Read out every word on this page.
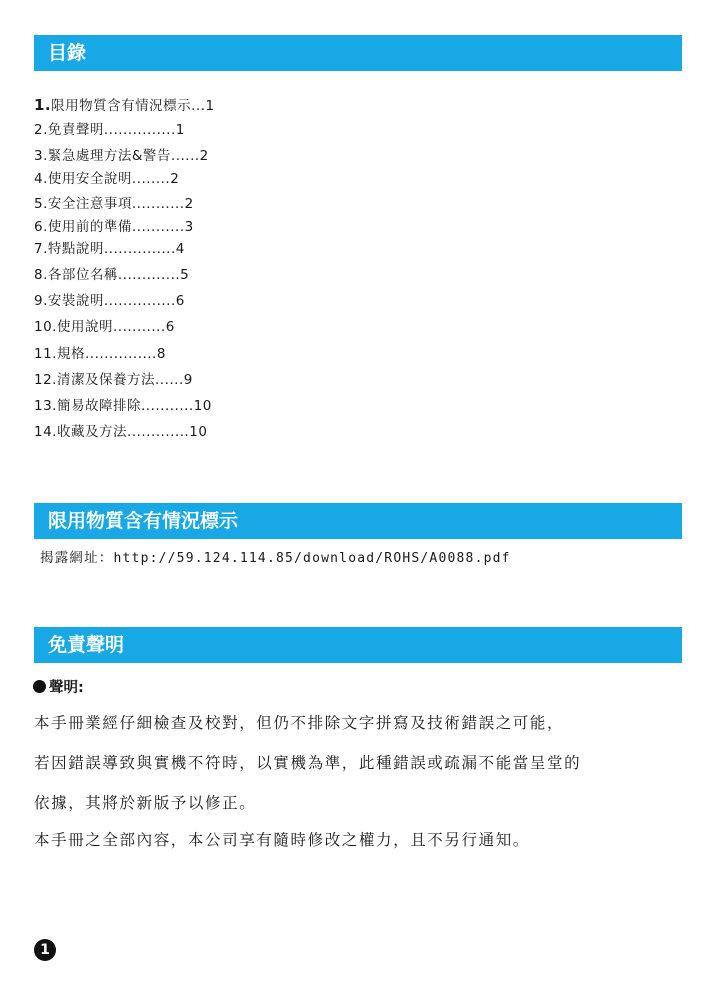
目錄
1.限用物質含有情況標示...1
2.免責聲明...............1
3.緊急處理方法&警告......2
4.使用安全說明........2
5.安全注意事項...........2
6.使用前的準備...........3
7.特點說明...............4
8.各部位名稱.............5
9.安裝說明...............6
10.使用說明...........6
11.規格...............8
12.清潔及保養方法......9
13.簡易故障排除...........10
14.收藏及方法.............10
限用物質含有情況標示
揭露網址：http://59.124.114.85/download/ROHS/A0088.pdf
免責聲明
聲明:
本手冊業經仔細檢查及校對，但仍不排除文字拼寫及技術錯誤之可能，
若因錯誤導致與實機不符時，以實機為準，此種錯誤或疏漏不能當呈堂的
依據，其將於新版予以修正。
本手冊之全部內容，本公司享有隨時修改之權力，且不另行通知。
1
